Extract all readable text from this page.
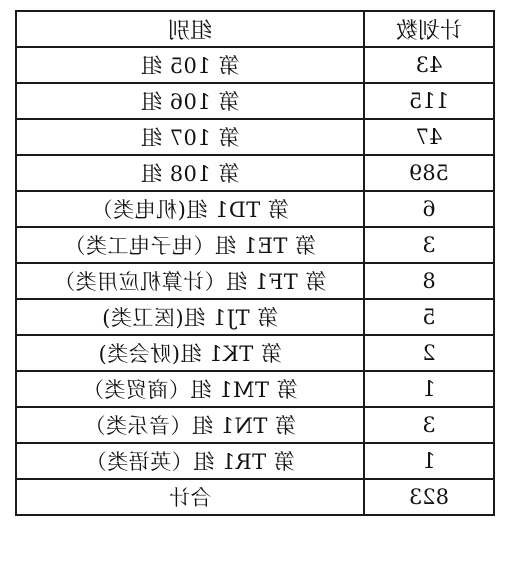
计划数	组别
43	第 105 组
115	第 106 组
47	第 107 组
589	第 108 组
6	第 TD1 组(机电类）
3	第 TE1 组（电子电工类）
8	第 TF1 组（计算机应用类）
5	第 TJ1 组(医卫类)
2	第 TK1 组(财会类)
1	第 TM1 组（商贸类）
3	第 TN1 组（音乐类）
1	第 TR1 组（英语类）
823	合计
